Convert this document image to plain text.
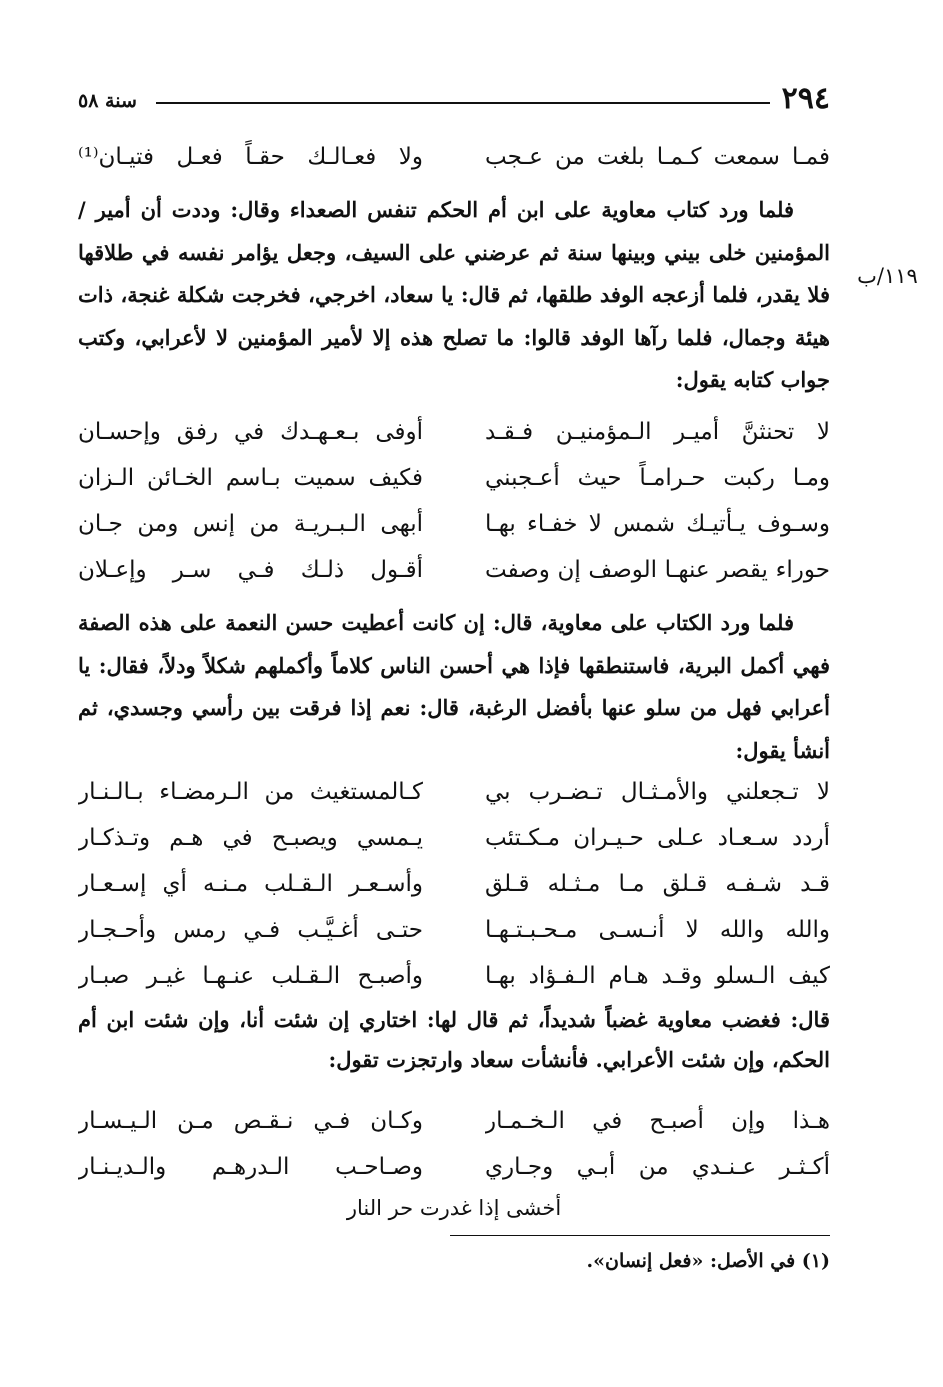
٢٩٤
سنة ٥٨
١١٩/ب
فمـا سمعت كـمـا بلغت من عـجب
ولا فعـالـك حقـاً فعـل فتيـان⁽¹⁾

فلما ورد كتاب معاوية على ابن أم الحكم تنفس الصعداء وقال: وددت أن أمير / المؤمنين خلى بيني وبينها سنة ثم عرضني على السيف، وجعل يؤامر نفسه في طلاقها فلا يقدر، فلما أزعجه الوفد طلقها، ثم قال: يا سعاد، اخرجي، فخرجت شكلة غنجة، ذات هيئة وجمال، فلما رآها الوفد قالوا: ما تصلح هذه إلا لأمير المؤمنين لا لأعرابي، وكتب جواب كتابه يقول:

لا تحنثنَّ أميـر الـمؤمنيـن فـقـد
أوفى بـعـهـدك في رفق وإحسـان
ومـا ركبت حـرامـاً حيث أعـجبني
فكيف سميت بـاسم الخـائن الـزان
وسـوف يـأتيـك شمس لا خفـاء بهـا
أبهى الـبـريـة من إنس ومن جـان
حوراء يقصر عنهـا الوصف إن وصفت
أقـول ذلـك فـي سـر وإعـلان

فلما ورد الكتاب على معاوية، قال: إن كانت أعطيت حسن النعمة على هذه الصفة فهي أكمل البرية، فاستنطقها فإذا هي أحسن الناس كلاماً وأكملهم شكلاً ودلاً، فقال: يا أعرابي فهل من سلو عنها بأفضل الرغبة، قال: نعم إذا فرقت بين رأسي وجسدي، ثم أنشأ يقول:

لا تـجعلني والأمـثـال تـضـرب بي
كـالمستغيث من الـرمضـاء بـالـنـار
أردد سـعـاد عـلى حـيـران مـكـتئب
يـمسي ويصبـح في هـم وتـذكـار
قـد شـفـه قـلق مـا مـثـله قـلق
وأسـعـر الـقـلب مـنـه أي إسـعـار
والله والله لا أنـسـى مـحـبـتـهـا
حتـى أغـيَّـب فـي رمس وأحـجـار
كيف الـسلو وقـد هـام الـفـؤاد بهـا
وأصبـح الـقـلب عنـهـا غيـر صبـار

قال: فغضب معاوية غضباً شديداً، ثم قال لها: اختاري إن شئت أنا، وإن شئت ابن أم الحكم، وإن شئت الأعرابي. فأنشأت سعاد وارتجزت تقول:

هـذا وإن أصبـح في الـخـمـار
وكـان فـي نـقـص مـن الـيـسـار
أكـثـر عـنـدي من أبـي وجـاري
وصـاحـب الـدرهـم والـديـنـار
أخشى إذا غدرت حر النار
(١) في الأصل: «فعل إنسان».
